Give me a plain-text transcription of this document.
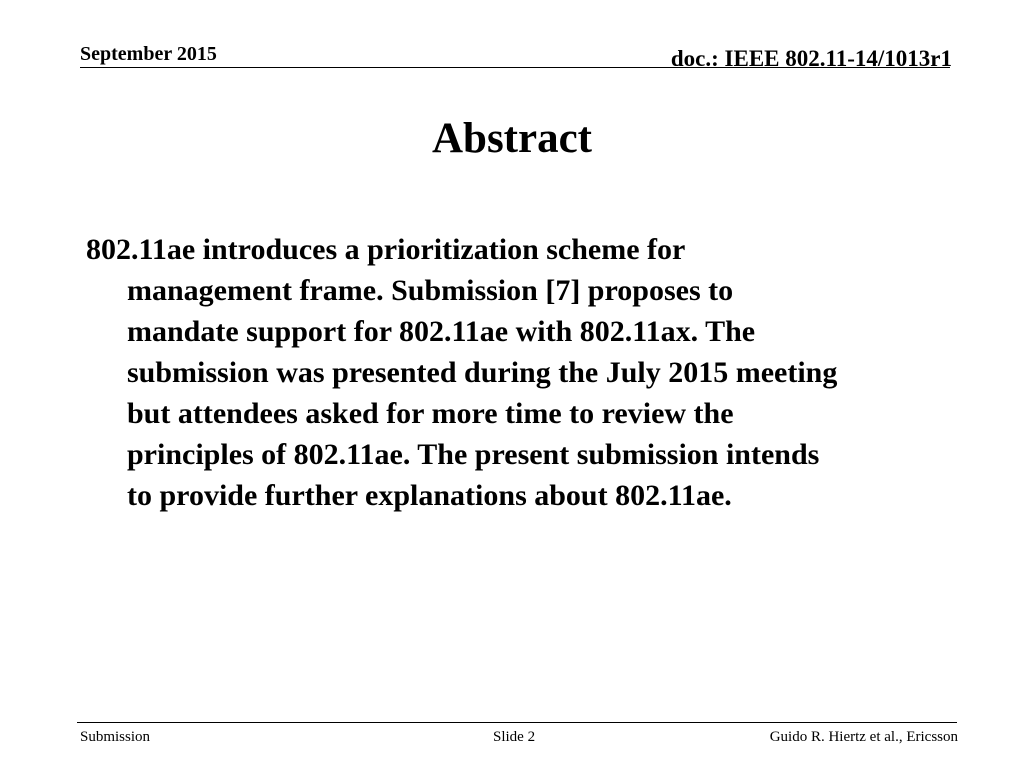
September 2015	doc.: IEEE 802.11-14/1013r1
Abstract
802.11ae introduces a prioritization scheme for
management frame. Submission [7] proposes to
mandate support for 802.11ae with 802.11ax. The
submission was presented during the July 2015 meeting
but attendees asked for more time to review the
principles of 802.11ae. The present submission intends
to provide further explanations about 802.11ae.
Submission	Slide 2	Guido R. Hiertz et al., Ericsson
